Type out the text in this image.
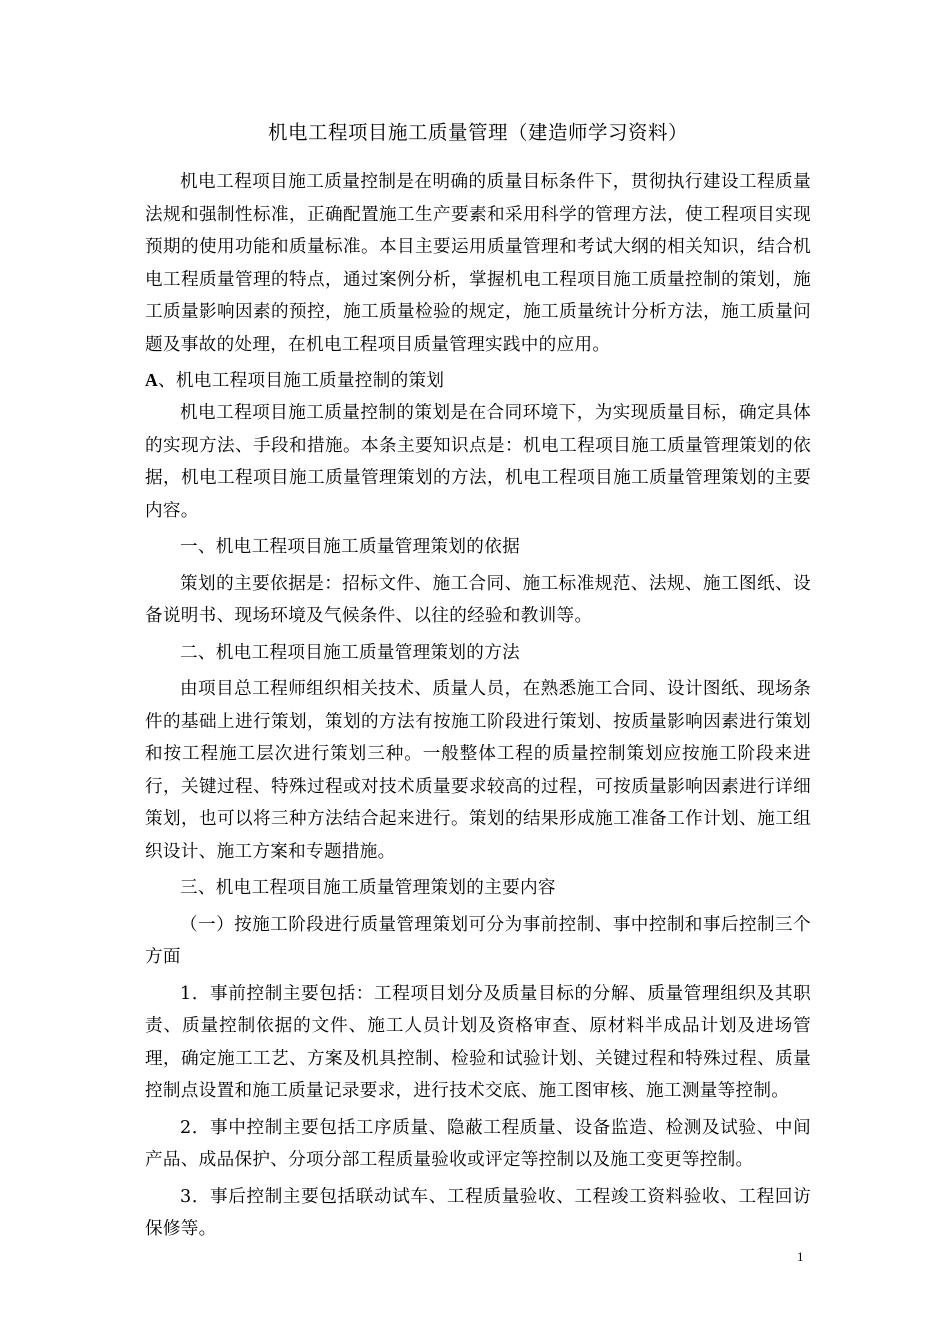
机电工程项目施工质量管理（建造师学习资料）

机电工程项目施工质量控制是在明确的质量目标条件下，贯彻执行建设工程质量法规和强制性标准，正确配置施工生产要素和采用科学的管理方法，使工程项目实现预期的使用功能和质量标准。本目主要运用质量管理和考试大纲的相关知识，结合机电工程质量管理的特点，通过案例分析，掌握机电工程项目施工质量控制的策划，施工质量影响因素的预控，施工质量检验的规定，施工质量统计分析方法，施工质量问题及事故的处理，在机电工程项目质量管理实践中的应用。

A、机电工程项目施工质量控制的策划

机电工程项目施工质量控制的策划是在合同环境下，为实现质量目标，确定具体的实现方法、手段和措施。本条主要知识点是：机电工程项目施工质量管理策划的依据，机电工程项目施工质量管理策划的方法，机电工程项目施工质量管理策划的主要内容。

一、机电工程项目施工质量管理策划的依据

策划的主要依据是：招标文件、施工合同、施工标准规范、法规、施工图纸、设备说明书、现场环境及气候条件、以往的经验和教训等。

二、机电工程项目施工质量管理策划的方法

由项目总工程师组织相关技术、质量人员，在熟悉施工合同、设计图纸、现场条件的基础上进行策划，策划的方法有按施工阶段进行策划、按质量影响因素进行策划和按工程施工层次进行策划三种。一般整体工程的质量控制策划应按施工阶段来进行，关键过程、特殊过程或对技术质量要求较高的过程，可按质量影响因素进行详细策划，也可以将三种方法结合起来进行。策划的结果形成施工准备工作计划、施工组织设计、施工方案和专题措施。

三、机电工程项目施工质量管理策划的主要内容

（一）按施工阶段进行质量管理策划可分为事前控制、事中控制和事后控制三个方面

1．事前控制主要包括：工程项目划分及质量目标的分解、质量管理组织及其职责、质量控制依据的文件、施工人员计划及资格审查、原材料半成品计划及进场管理，确定施工工艺、方案及机具控制、检验和试验计划、关键过程和特殊过程、质量控制点设置和施工质量记录要求，进行技术交底、施工图审核、施工测量等控制。

2．事中控制主要包括工序质量、隐蔽工程质量、设备监造、检测及试验、中间产品、成品保护、分项分部工程质量验收或评定等控制以及施工变更等控制。

3．事后控制主要包括联动试车、工程质量验收、工程竣工资料验收、工程回访保修等。

1
